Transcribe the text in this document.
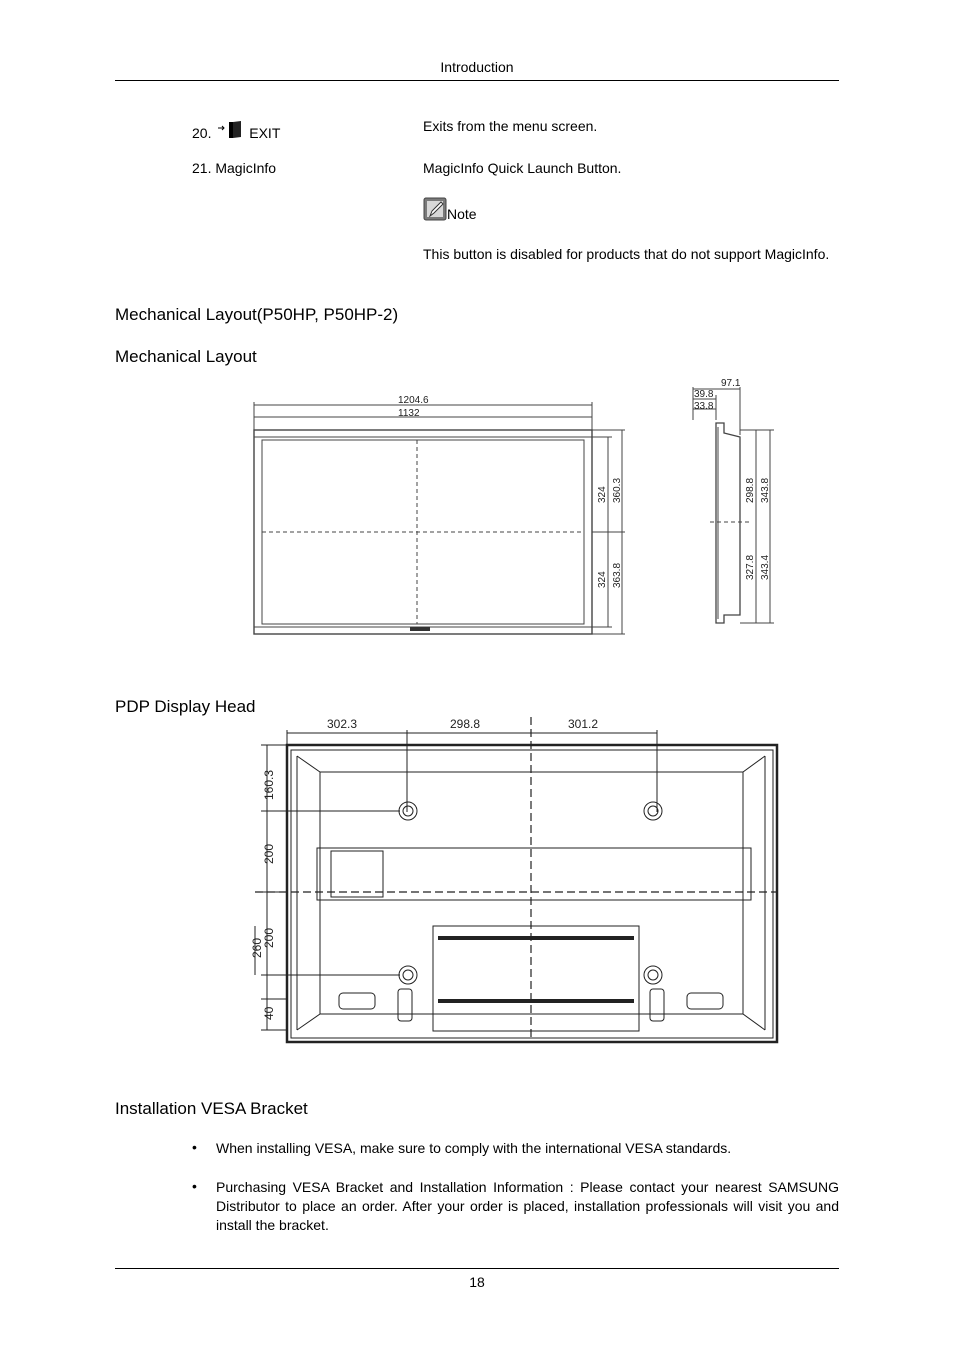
Introduction
20.	EXIT	Exits from the menu screen.
21. MagicInfo	MagicInfo Quick Launch Button.
Note
This button is disabled for products that do not support MagicInfo.
Mechanical Layout(P50HP, P50HP-2)
Mechanical Layout
1204.6
1132
324 360.3
324 363.8
97.1
39.8
33.8
298.8 343.8
327.8 343.4
PDP Display Head
302.3	298.8	301.2
160.3
200
200
260
40
Installation VESA Bracket
• When installing VESA, make sure to comply with the international VESA standards.
• Purchasing VESA Bracket and Installation Information : Please contact your nearest SAMSUNG Distributor to place an order. After your order is placed, installation professionals will visit you and install the bracket.
18
